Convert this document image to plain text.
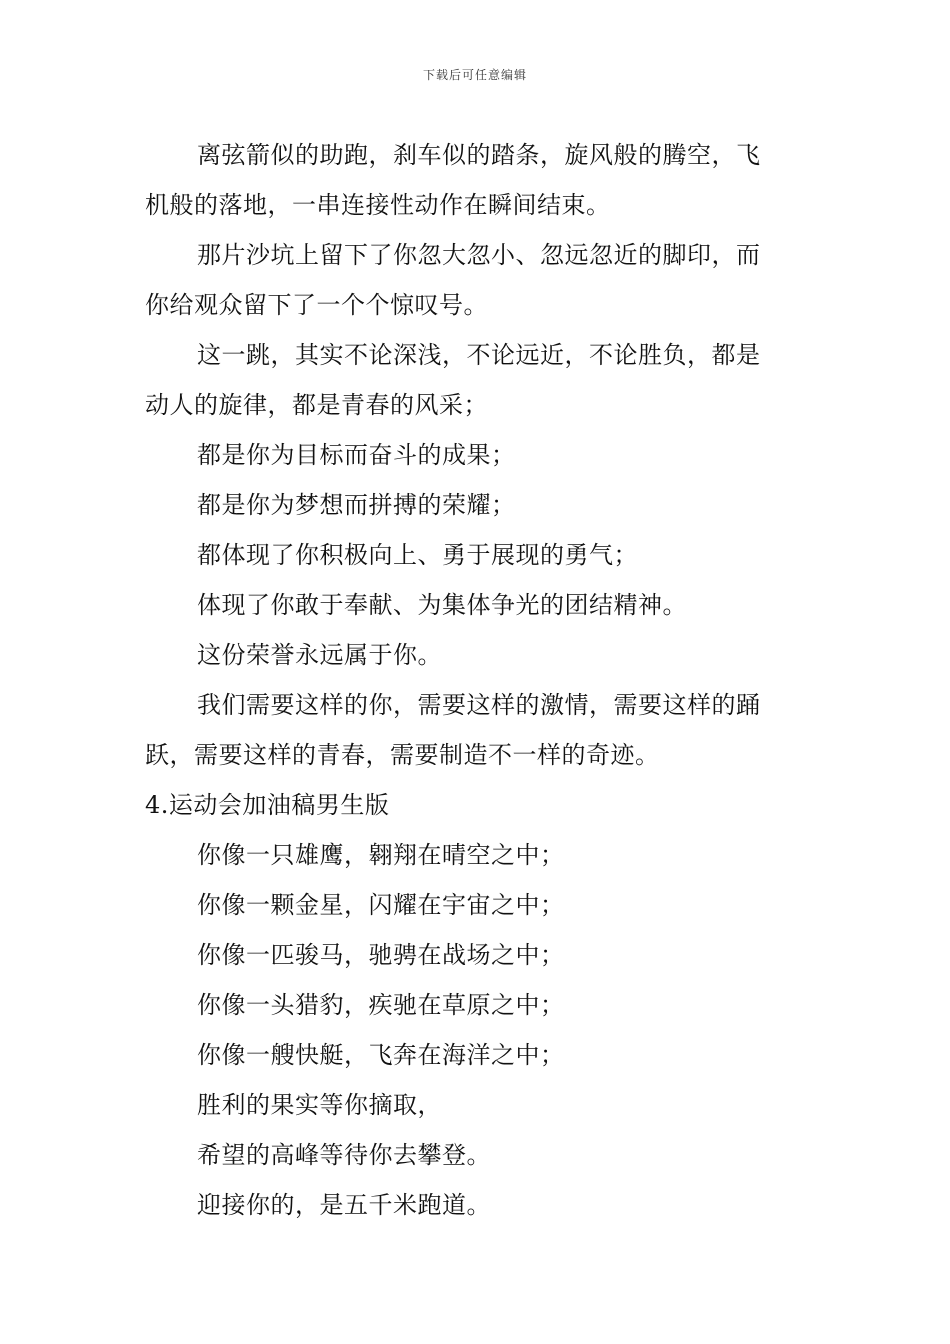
下载后可任意编辑
离弦箭似的助跑，刹车似的踏条，旋风般的腾空，飞
机般的落地，一串连接性动作在瞬间结束。
那片沙坑上留下了你忽大忽小、忽远忽近的脚印，而
你给观众留下了一个个惊叹号。
这一跳，其实不论深浅，不论远近，不论胜负，都是
动人的旋律，都是青春的风采；
都是你为目标而奋斗的成果；
都是你为梦想而拼搏的荣耀；
都体现了你积极向上、勇于展现的勇气；
体现了你敢于奉献、为集体争光的团结精神。
这份荣誉永远属于你。
我们需要这样的你，需要这样的激情，需要这样的踊
跃，需要这样的青春，需要制造不一样的奇迹。
4.运动会加油稿男生版
你像一只雄鹰，翱翔在晴空之中；
你像一颗金星，闪耀在宇宙之中；
你像一匹骏马，驰骋在战场之中；
你像一头猎豹，疾驰在草原之中；
你像一艘快艇，飞奔在海洋之中；
胜利的果实等你摘取，
希望的高峰等待你去攀登。
迎接你的，是五千米跑道。
